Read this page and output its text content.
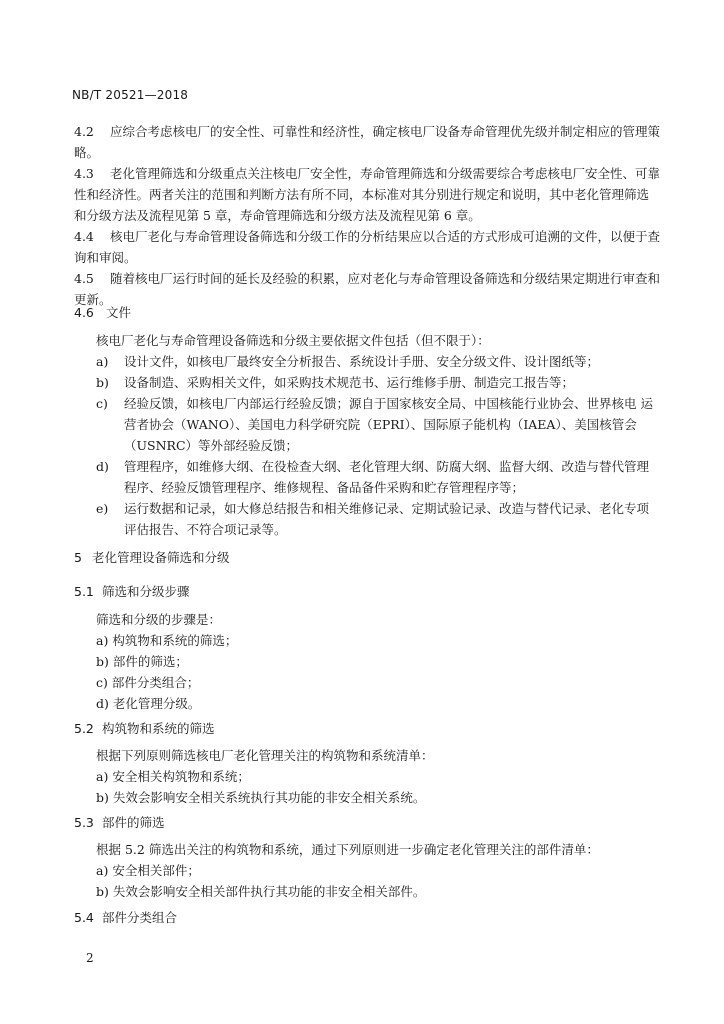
NB/T 20521—2018
4.2 应综合考虑核电厂的安全性、可靠性和经济性，确定核电厂设备寿命管理优先级并制定相应的管理策略。
4.3 老化管理筛选和分级重点关注核电厂安全性，寿命管理筛选和分级需要综合考虑核电厂安全性、可靠性和经济性。两者关注的范围和判断方法有所不同，本标准对其分别进行规定和说明，其中老化管理筛选和分级方法及流程见第 5 章，寿命管理筛选和分级方法及流程见第 6 章。
4.4 核电厂老化与寿命管理设备筛选和分级工作的分析结果应以合适的方式形成可追溯的文件，以便于查询和审阅。
4.5 随着核电厂运行时间的延长及经验的积累，应对老化与寿命管理设备筛选和分级结果定期进行审查和更新。
4.6 文件
核电厂老化与寿命管理设备筛选和分级主要依据文件包括（但不限于）：
a) 设计文件，如核电厂最终安全分析报告、系统设计手册、安全分级文件、设计图纸等；
b) 设备制造、采购相关文件，如采购技术规范书、运行维修手册、制造完工报告等；
c) 经验反馈，如核电厂内部运行经验反馈；源自于国家核安全局、中国核能行业协会、世界核电 运营者协会（WANO）、美国电力科学研究院（EPRI）、国际原子能机构（IAEA）、美国核管会（USNRC）等外部经验反馈；
d) 管理程序，如维修大纲、在役检查大纲、老化管理大纲、防腐大纲、监督大纲、改造与替代管理程序、经验反馈管理程序、维修规程、备品备件采购和贮存管理程序等；
e) 运行数据和记录，如大修总结报告和相关维修记录、定期试验记录、改造与替代记录、老化专项评估报告、不符合项记录等。
5 老化管理设备筛选和分级
5.1 筛选和分级步骤
筛选和分级的步骤是：
a) 构筑物和系统的筛选；
b) 部件的筛选；
c) 部件分类组合；
d) 老化管理分级。
5.2 构筑物和系统的筛选
根据下列原则筛选核电厂老化管理关注的构筑物和系统清单：
a) 安全相关构筑物和系统；
b) 失效会影响安全相关系统执行其功能的非安全相关系统。
5.3 部件的筛选
根据 5.2 筛选出关注的构筑物和系统，通过下列原则进一步确定老化管理关注的部件清单：
a) 安全相关部件；
b) 失效会影响安全相关部件执行其功能的非安全相关部件。
5.4 部件分类组合
2
